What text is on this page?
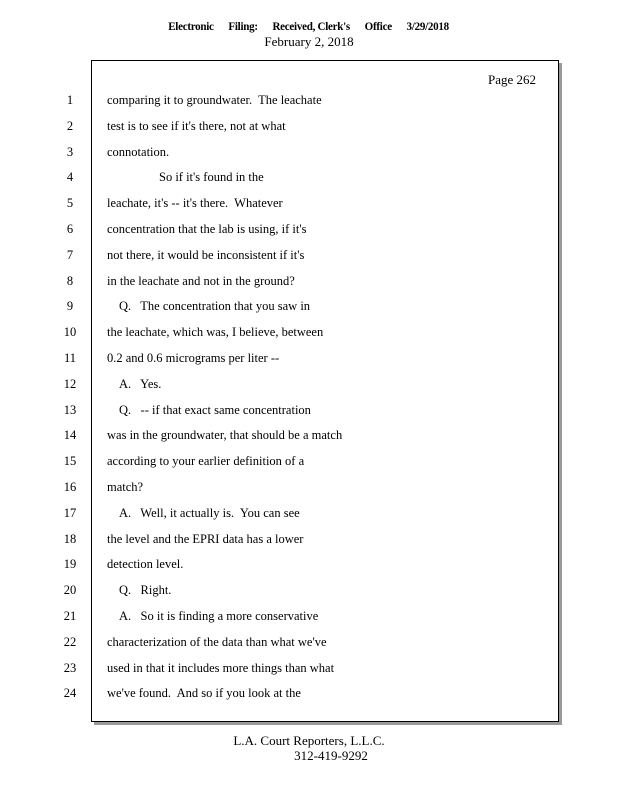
Electronic Filing: Received, Clerk's Office 3/29/2018
February 2, 2018
Page 262
1	comparing it to groundwater.  The leachate
2	test is to see if it's there, not at what
3	connotation.
4	So if it's found in the
5	leachate, it's -- it's there.  Whatever
6	concentration that the lab is using, if it's
7	not there, it would be inconsistent if it's
8	in the leachate and not in the ground?
9	Q.   The concentration that you saw in
10	the leachate, which was, I believe, between
11	0.2 and 0.6 micrograms per liter --
12	A.   Yes.
13	Q.   -- if that exact same concentration
14	was in the groundwater, that should be a match
15	according to your earlier definition of a
16	match?
17	A.   Well, it actually is.  You can see
18	the level and the EPRI data has a lower
19	detection level.
20	Q.   Right.
21	A.   So it is finding a more conservative
22	characterization of the data than what we've
23	used in that it includes more things than what
24	we've found.  And so if you look at the
L.A. Court Reporters, L.L.C.
312-419-9292
